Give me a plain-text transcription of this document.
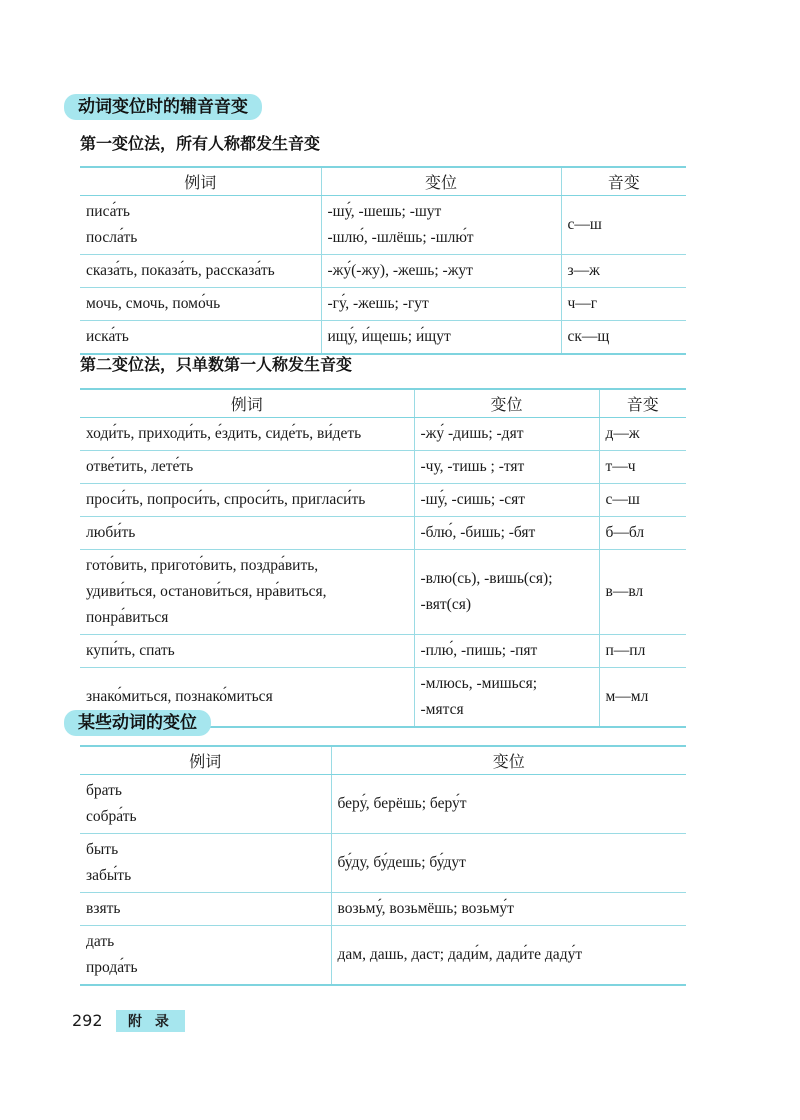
动词变位时的辅音音变
第一变位法，所有人称都发生音变
例词	变位	音变

писа́ть
посла́ть	-шу́, -шешь; -шут
-шлю́, -шлёшь; -шлю́т	с—ш

сказа́ть, показа́ть, рассказа́ть	-жу́(-жу), -жешь; -жут	з—ж

мочь, смочь, помо́чь	-гу́, -жешь; -гут	ч—г

иска́ть	ищу́, и́щешь; и́щут	ск—щ
第二变位法，只单数第一人称发生音变
例词	变位	音变

ходи́ть, приходи́ть, е́здить, сиде́ть, ви́деть	-жу́ -дишь; -дят	д—ж

отве́тить, лете́ть	-чу, -тишь ; -тят	т—ч

проси́ть, попроси́ть, спроси́ть, пригласи́ть	-шу́, -сишь; -сят	с—ш

люби́ть	-блю́, -бишь; -бят	б—бл

гото́вить, пригото́вить, поздра́вить,
удиви́ться, останови́ться, нра́виться,
понра́виться	-влю(сь), -вишь(ся);
-вят(ся)	в—вл

купи́ть, спать	-плю́, -пишь; -пят	п—пл

знако́миться, познако́миться	-млюсь, -мишься;
-мятся	м—мл
某些动词的变位
例词	变位

брать
собра́ть	беру́, берёшь; беру́т

быть
забы́ть	бу́ду, бу́дешь; бу́дут

взять	возьму́, возьмёшь; возьму́т

дать
прода́ть	дам, дашь, даст; дади́м, дади́те даду́т
292	附 录
